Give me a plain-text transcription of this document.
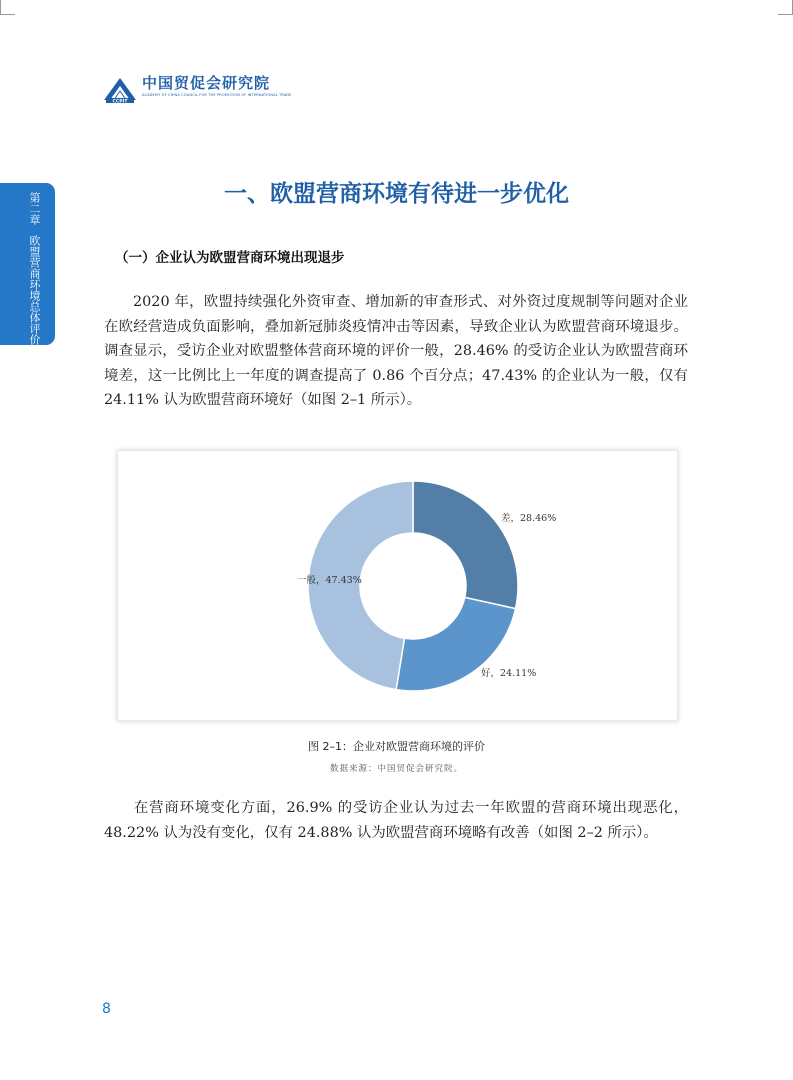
CCPIT
中国贸促会研究院
ACADEMY OF CHINA COUNCIL FOR THE PROMOTION OF INTERNATIONAL TRADE
第二章欧盟营商环境总体评价
一、欧盟营商环境有待进一步优化
（一）企业认为欧盟营商环境出现退步
2020 年，欧盟持续强化外资审查、增加新的审查形式、对外资过度规制等问题对企业在欧经营造成负面影响，叠加新冠肺炎疫情冲击等因素，导致企业认为欧盟营商环境退步。调查显示，受访企业对欧盟整体营商环境的评价一般，28.46% 的受访企业认为欧盟营商环境差，这一比例比上一年度的调查提高了 0.86 个百分点；47.43% 的企业认为一般，仅有 24.11% 认为欧盟营商环境好（如图 2–1 所示）。
差，28.46%
好，24.11%
一般，47.43%
图 2–1：企业对欧盟营商环境的评价
数据来源：中国贸促会研究院。
在营商环境变化方面，26.9% 的受访企业认为过去一年欧盟的营商环境出现恶化，48.22% 认为没有变化，仅有 24.88% 认为欧盟营商环境略有改善（如图 2–2 所示）。
8
